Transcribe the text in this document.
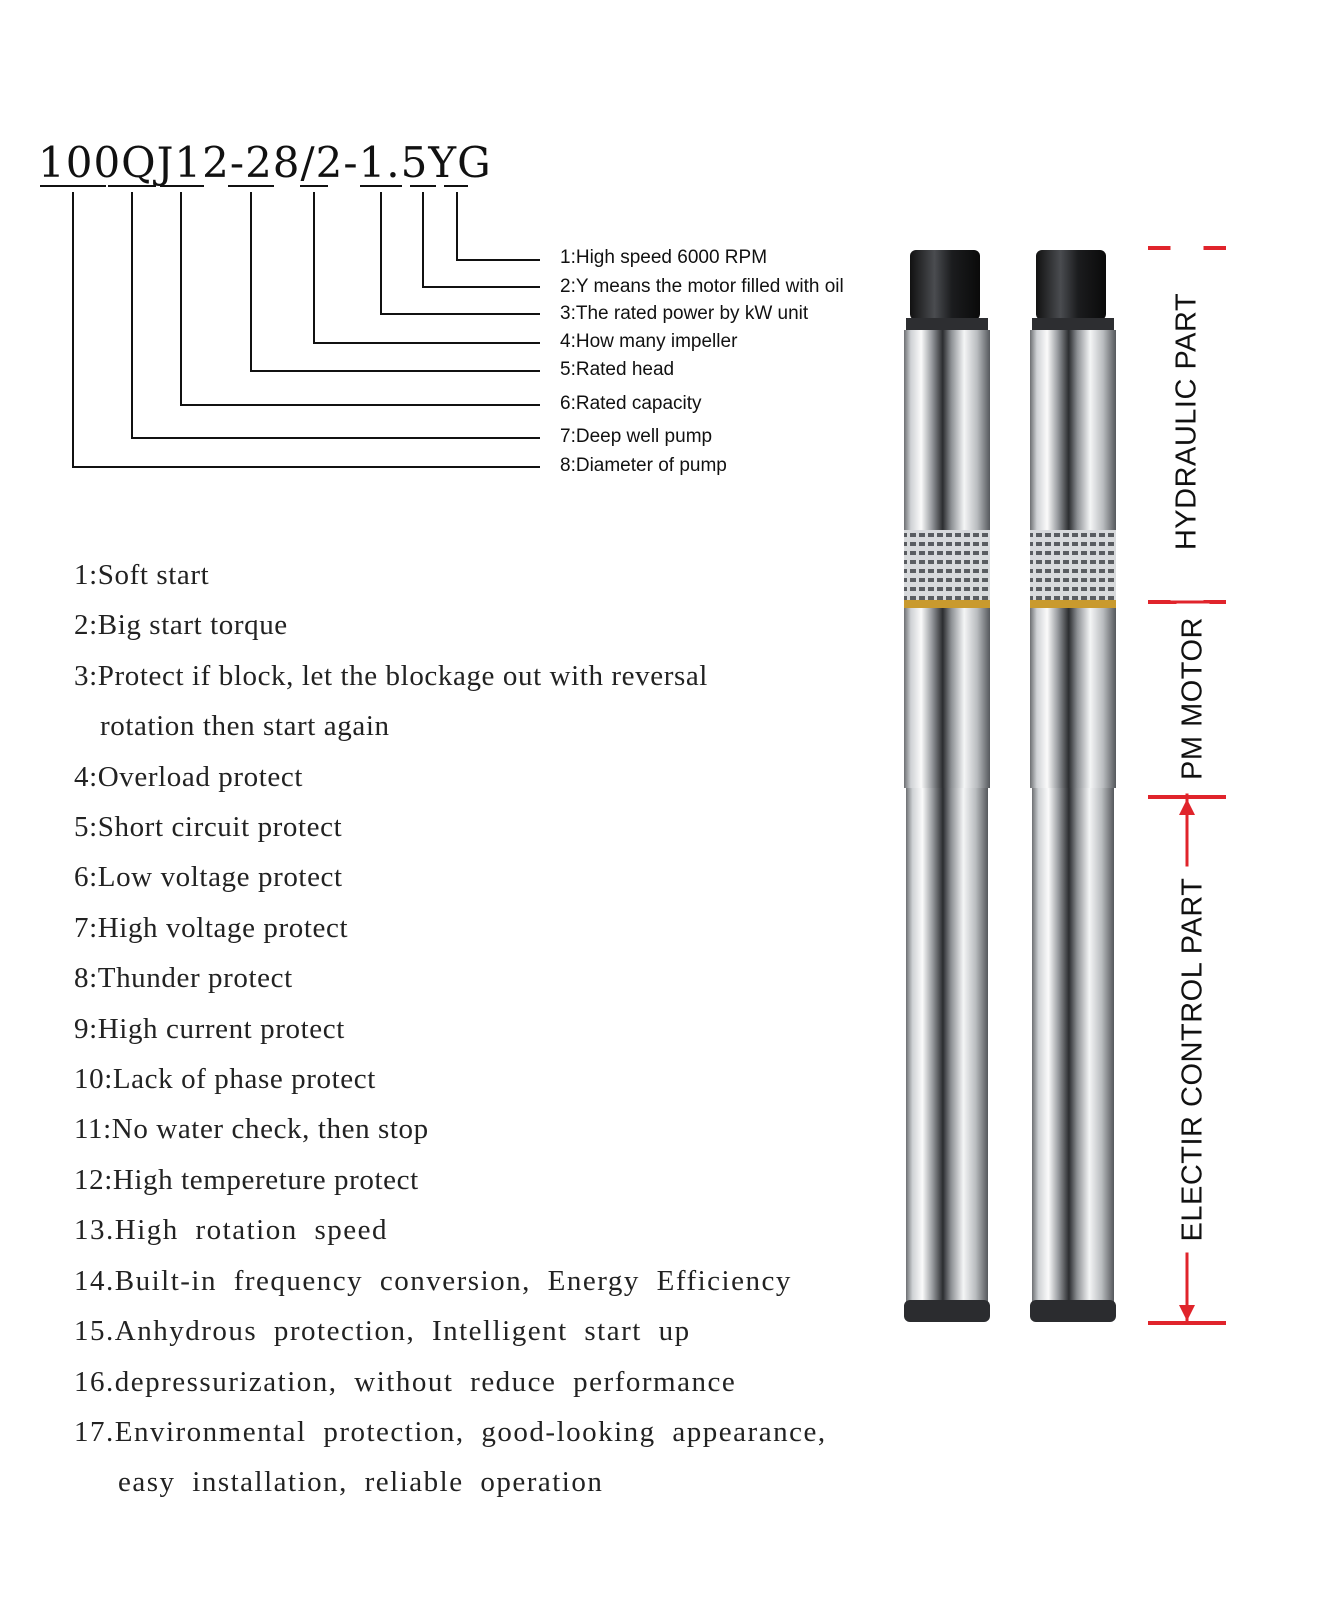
100QJ12-28/2-1.5YG
1:High speed 6000 RPM
2:Y means the motor filled with oil
3:The rated power by kW unit
4:How many impeller
5:Rated head
6:Rated capacity
7:Deep well pump
8:Diameter of pump
1:Soft start
2:Big start torque
3:Protect if block, let the blockage out with reversal
rotation then start again
4:Overload protect
5:Short circuit protect
6:Low voltage protect
7:High voltage protect
8:Thunder protect
9:High current protect
10:Lack of phase protect
11:No water check, then stop
12:High tempereture protect
13.High rotation speed
14.Built-in frequency conversion, Energy Efficiency
15.Anhydrous protection, Intelligent start up
16.depressurization, without reduce performance
17.Environmental protection, good-looking appearance,
easy installation, reliable operation
HYDRAULIC PART
PM MOTOR
ELECTIR CONTROL PART
